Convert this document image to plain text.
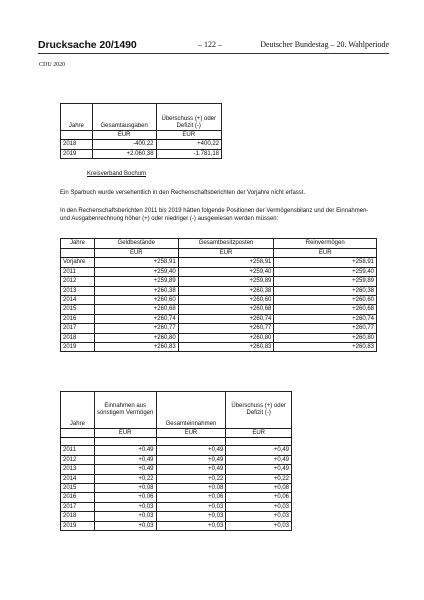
Drucksache 20/1490	– 122 –	Deutscher Bundestag – 20. Wahlperiode
CDU 2020
Jahre	Gesamtausgaben	Überschuss (+) oder Defizit (-)
	EUR	EUR
2018	-400,22	+400,22
2019	+2.060,38	-1.781,18
Kreisverband Bochum
Ein Sparbuch wurde versehentlich in den Rechenschaftsberichten der Vorjahre nicht erfasst.
In den Rechenschaftsberichten 2011 bis 2019 hätten folgende Positionen der Vermögensbilanz und der Einnahmen- und Ausgabenrechnung höher (+) oder niedriger (-) ausgewiesen werden müssen:
Jahre	Geldbestände	Gesamtbesitzposten	Reinvermögen
	EUR	EUR	EUR
Vorjahre	+258,91	+258,91	+258,91
2011	+259,40	+259,40	+259,40
2012	+259,89	+259,89	+259,89
2013	+260,38	+260,38	+260,38
2014	+260,60	+260,60	+260,60
2015	+260,68	+260,68	+260,68
2016	+260,74	+260,74	+260,74
2017	+260,77	+260,77	+260,77
2018	+260,80	+260,80	+260,80
2019	+260,83	+260,83	+260,83
Jahre	Einnahmen aus sonstigem Vermögen	Gesamteinnahmen	Überschuss (+) oder Defizit (-)
	EUR	EUR	EUR

2011	+0,49	+0,49	+0,49
2012	+0,49	+0,49	+0,49
2013	+0,49	+0,49	+0,49
2014	+0,22	+0,22	+0,22
2015	+0,08	+0,08	+0,08
2016	+0,06	+0,06	+0,06
2017	+0,03	+0,03	+0,03
2018	+0,03	+0,03	+0,03
2019	+0,03	+0,03	+0,03
